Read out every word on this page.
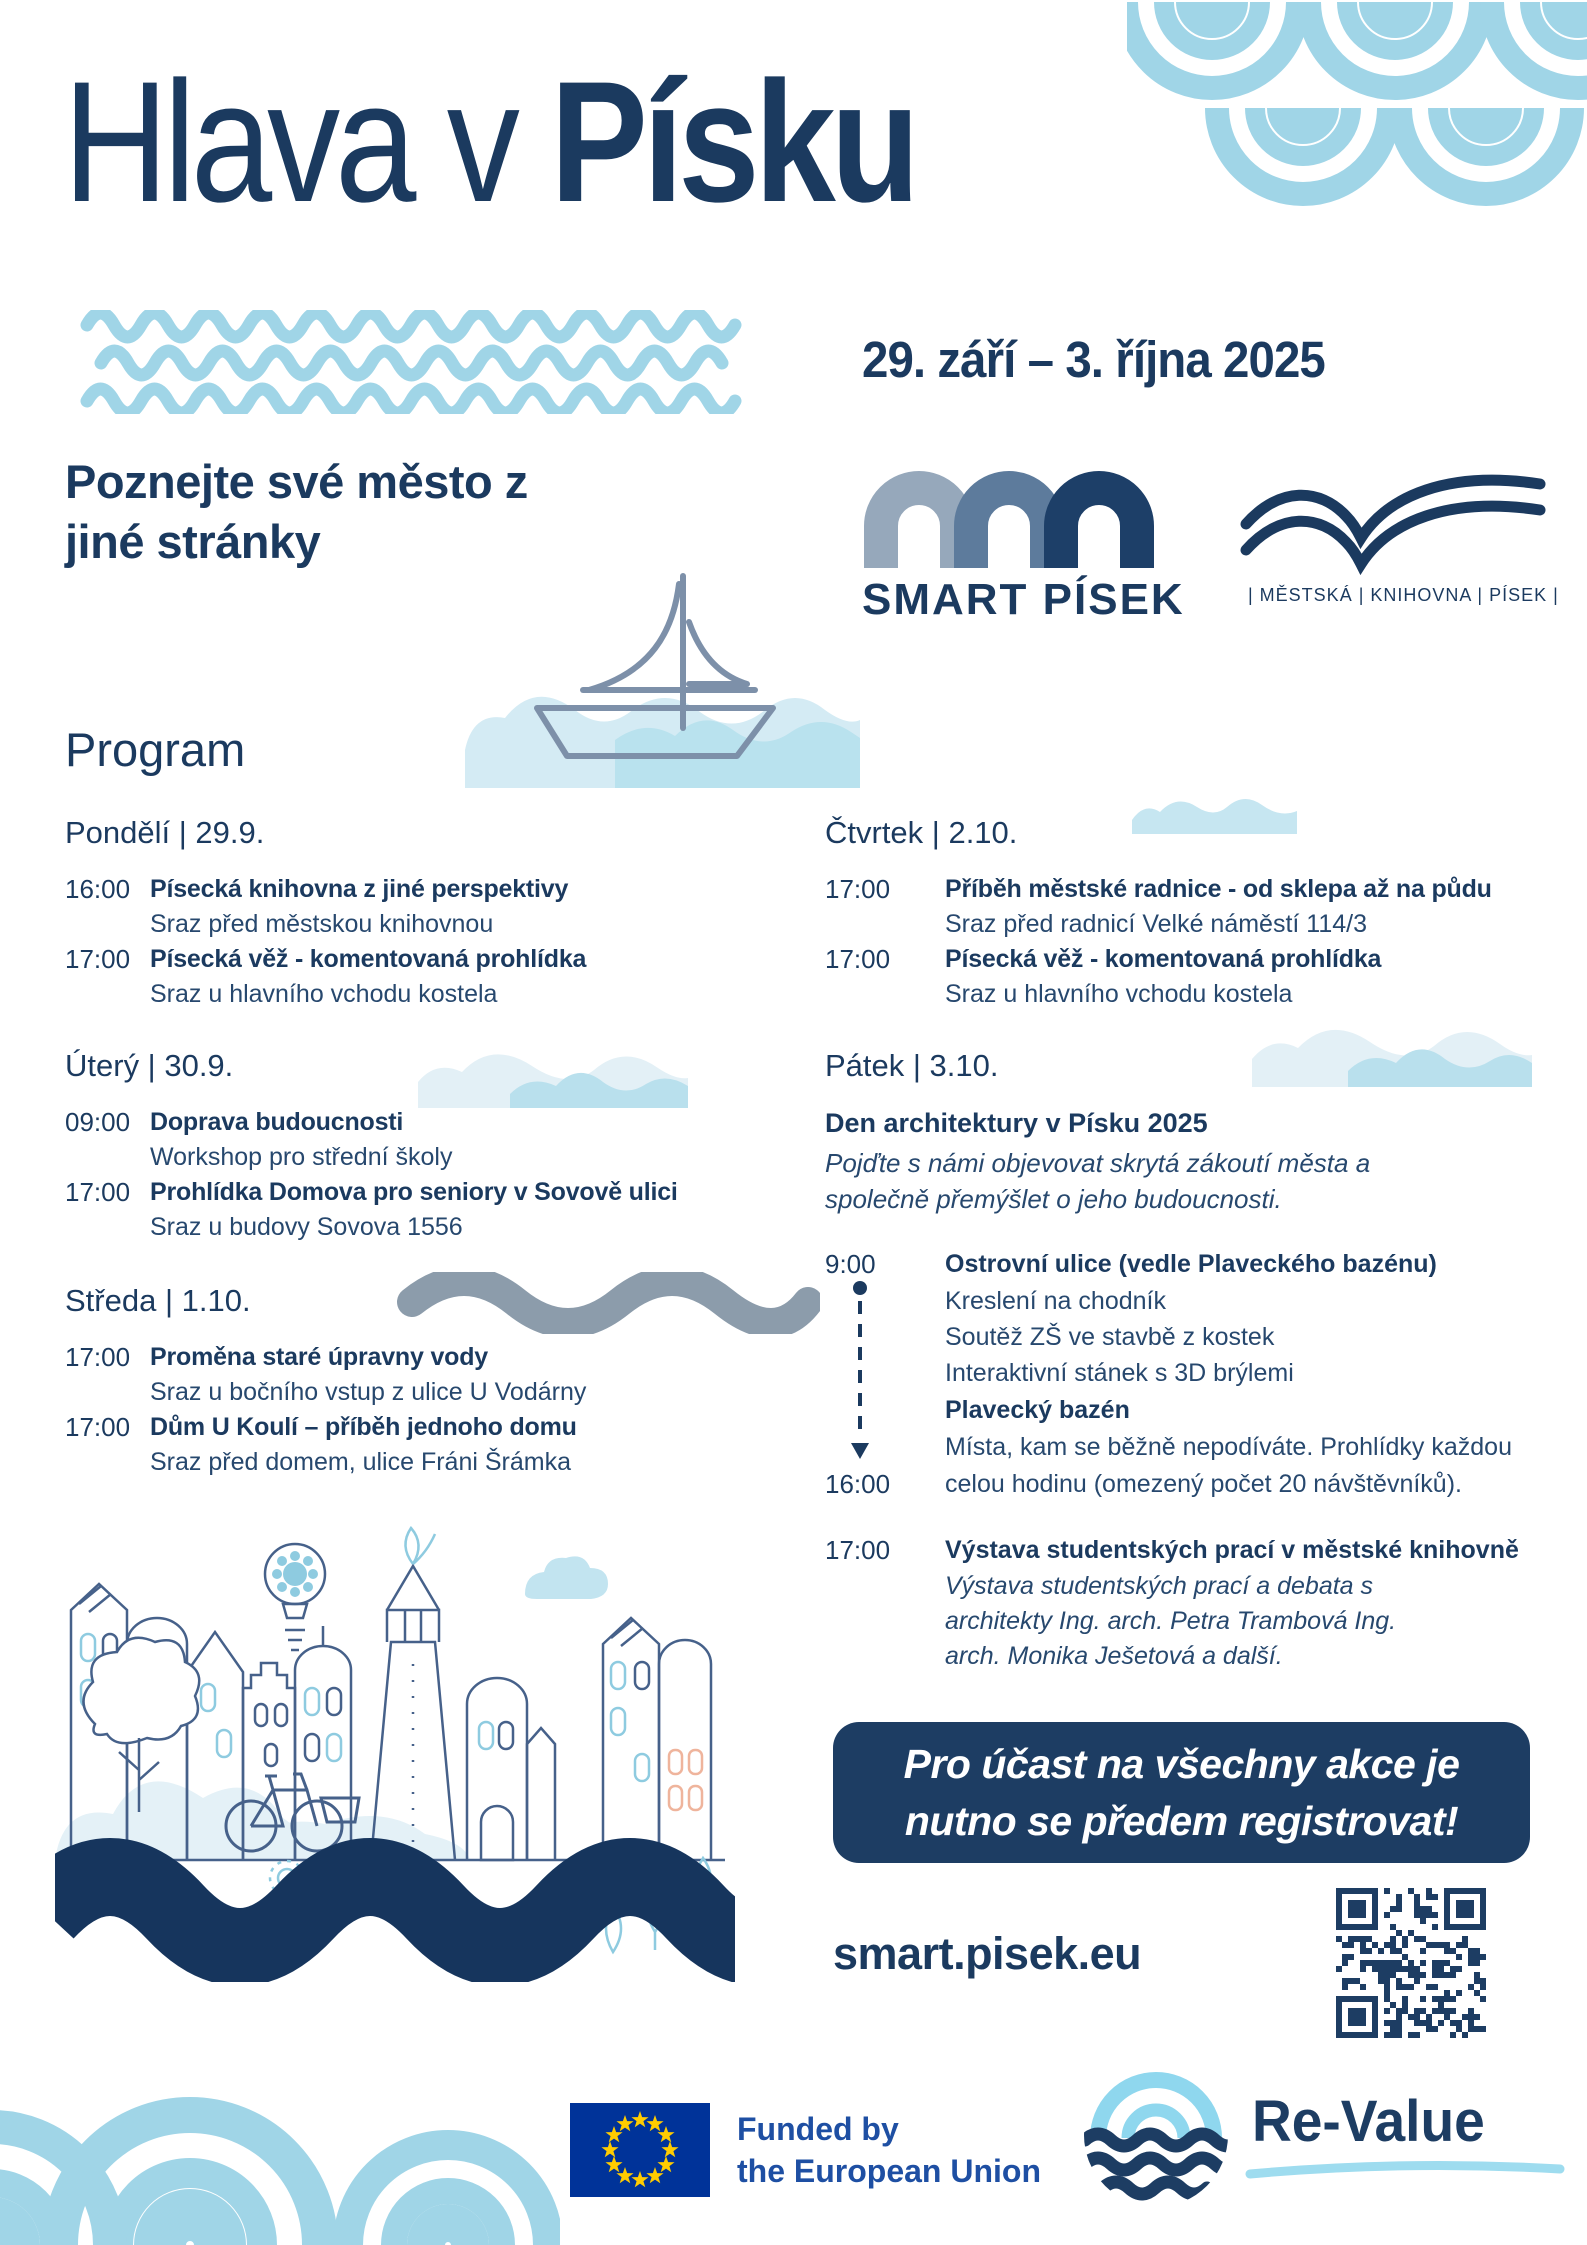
Hlava v Písku
29. září – 3. října 2025
Poznejte své město z jiné stránky
SMART PÍSEK	| MĚSTSKÁ | KNIHOVNA | PÍSEK |
Program
Pondělí | 29.9.
16:00 Písecká knihovna z jiné perspektivy
Sraz před městskou knihovnou
17:00 Písecká věž - komentovaná prohlídka
Sraz u hlavního vchodu kostela
Úterý | 30.9.
09:00 Doprava budoucnosti
Workshop pro střední školy
17:00 Prohlídka Domova pro seniory v Sovově ulici
Sraz u budovy Sovova 1556
Středa | 1.10.
17:00 Proměna staré úpravny vody
Sraz u bočního vstup z ulice U Vodárny
17:00 Dům U Koulí – příběh jednoho domu
Sraz před domem, ulice Fráni Šrámka
Čtvrtek | 2.10.
17:00	Příběh městské radnice - od sklepa až na půdu
Sraz před radnicí Velké náměstí 114/3
17:00	Písecká věž - komentovaná prohlídka
Sraz u hlavního vchodu kostela
Pátek | 3.10.
Den architektury v Písku 2025
Pojďte s námi objevovat skrytá zákoutí města a společně přemýšlet o jeho budoucnosti.
9:00	Ostrovní ulice (vedle Plaveckého bazénu)
Kreslení na chodník
Soutěž ZŠ ve stavbě z kostek
Interaktivní stánek s 3D brýlemi
Plavecký bazén
Místa, kam se běžně nepodíváte. Prohlídky každou
16:00	celou hodinu (omezený počet 20 návštěvníků).
17:00	Výstava studentských prací v městské knihovně
Výstava studentských prací a debata s architekty Ing. arch. Petra Trambová Ing. arch. Monika Ješetová a další.
Pro účast na všechny akce je nutno se předem registrovat!
smart.pisek.eu
Funded by
the European Union
Re-Value
